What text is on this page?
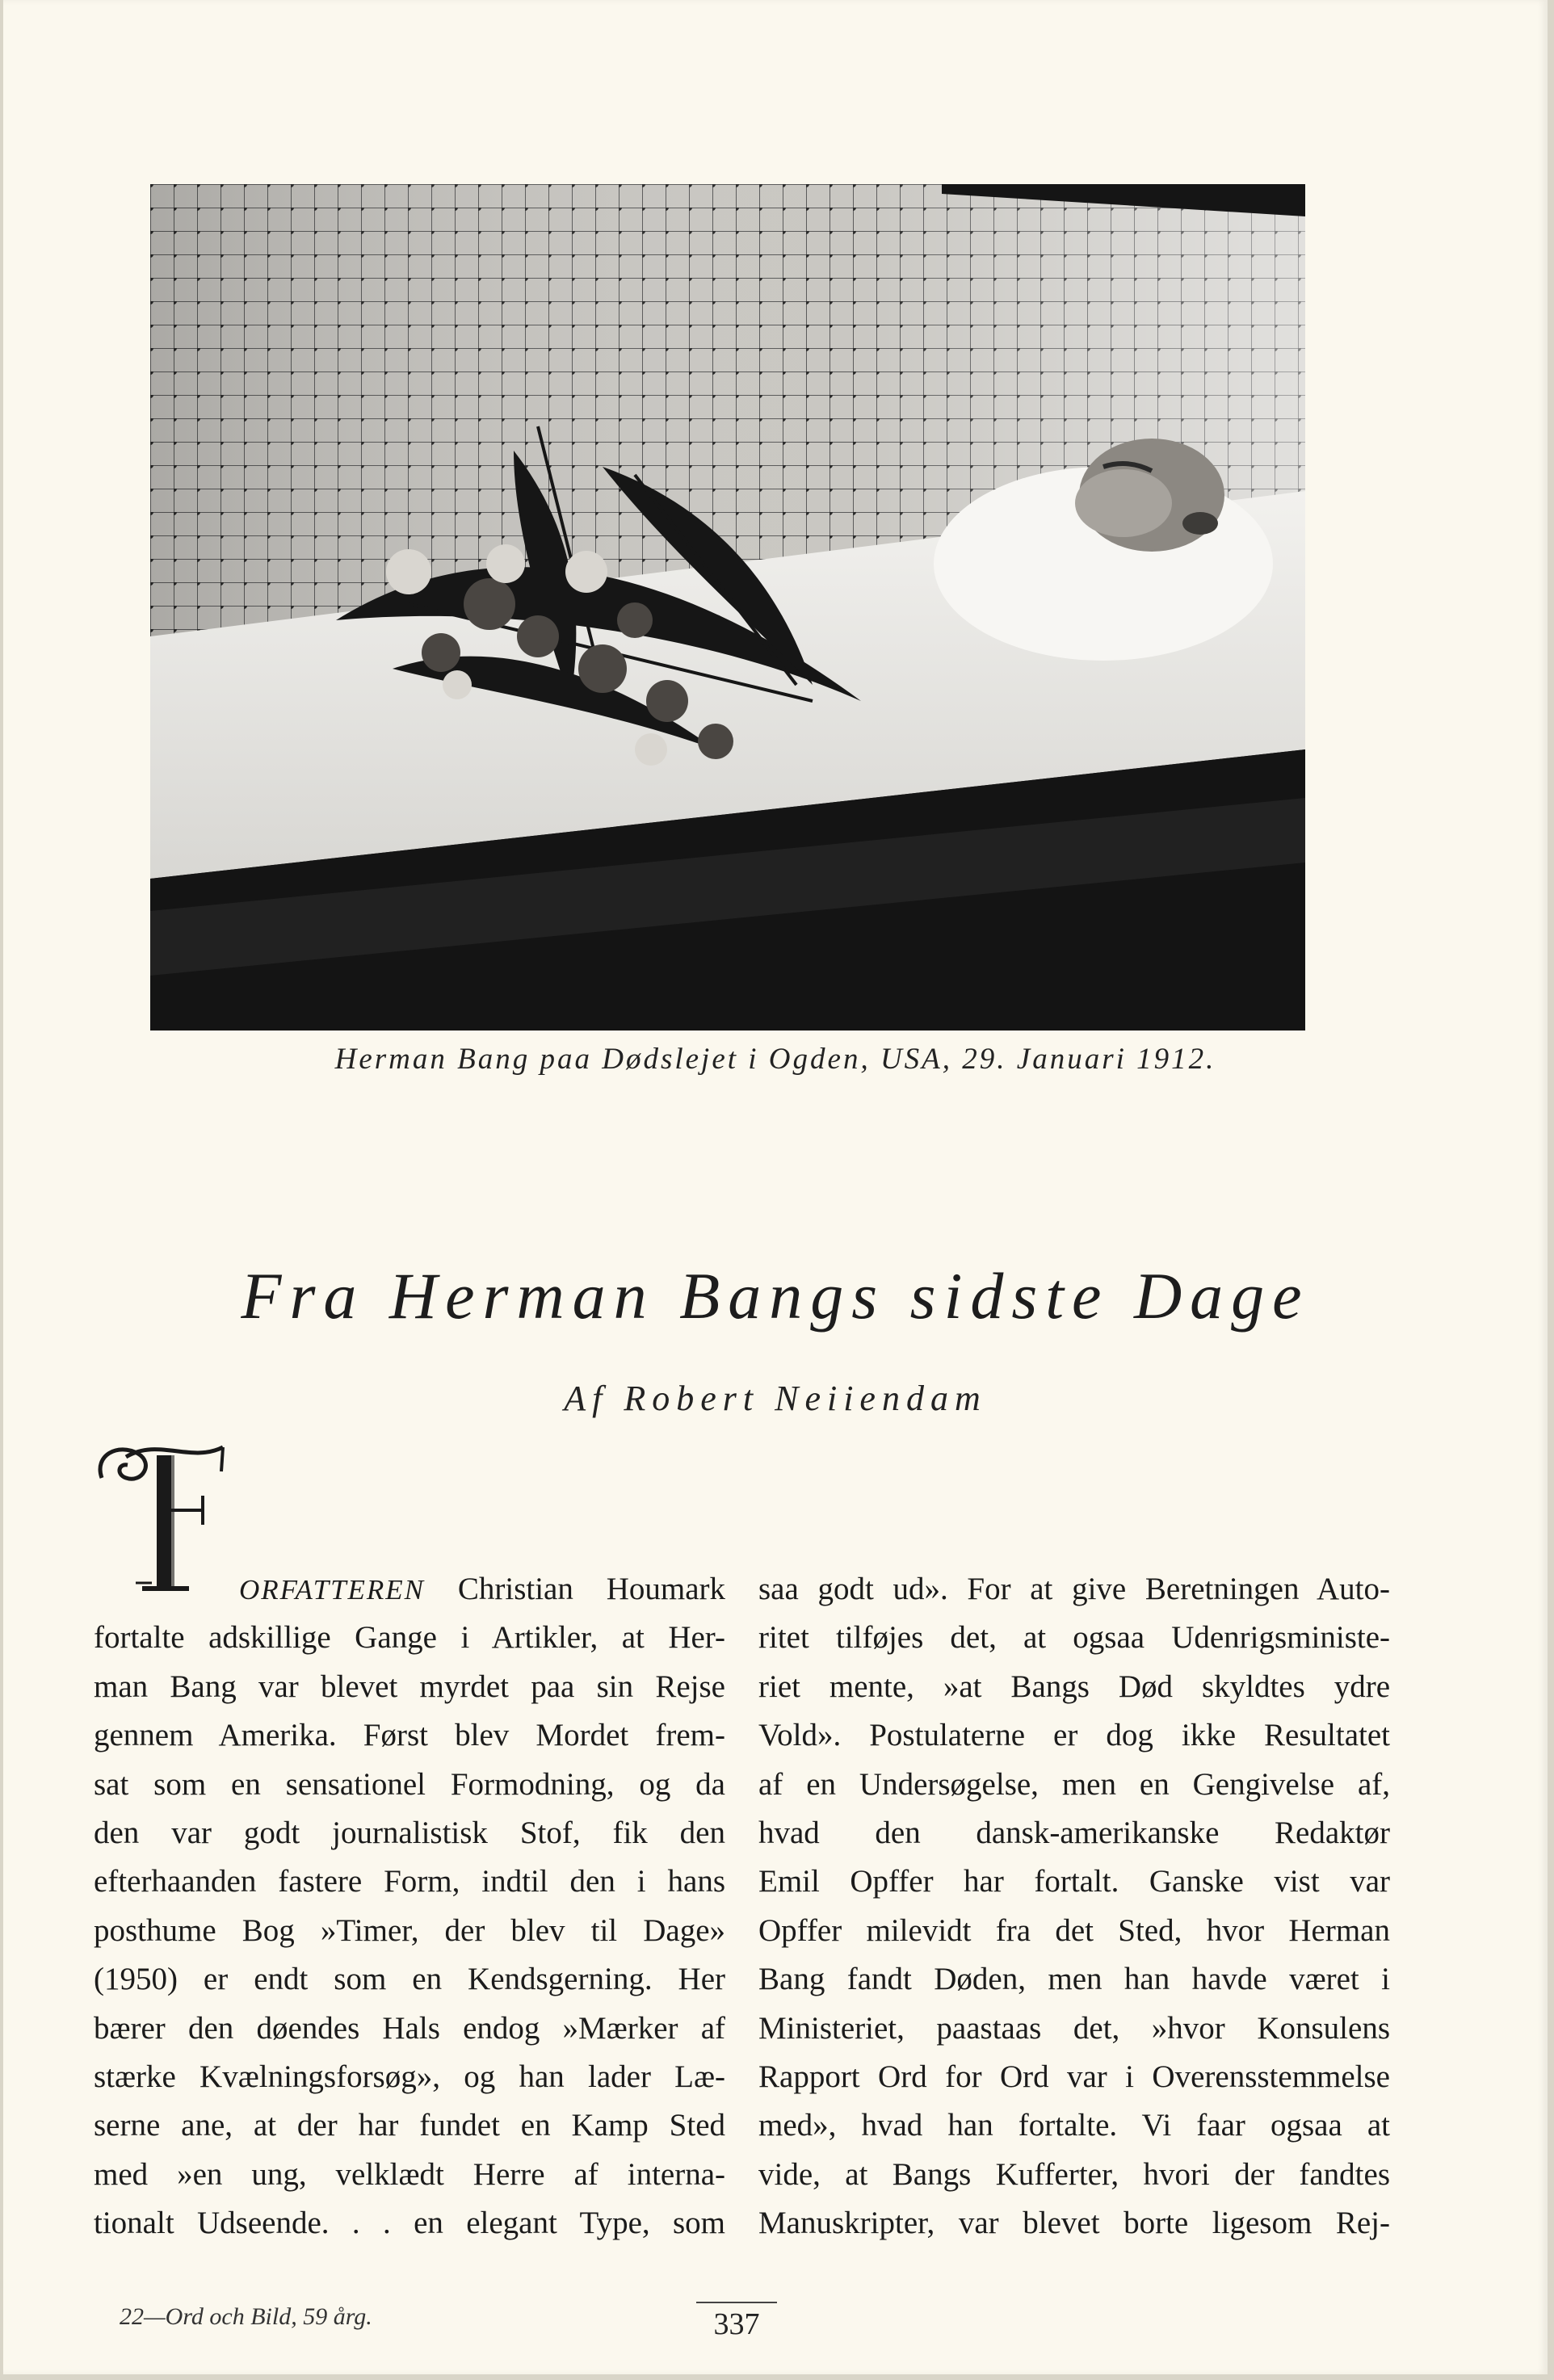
Herman Bang paa Dødslejet i Ogden, USA, 29. Januari 1912.
Fra Herman Bangs sidste Dage
Af Robert Neiiendam
ORFATTEREN Christian Houmark
fortalte adskillige Gange i Artikler, at Her-
man Bang var blevet myrdet paa sin Rejse
gennem Amerika. Først blev Mordet frem-
sat som en sensationel Formodning, og da
den var godt journalistisk Stof, fik den
efterhaanden fastere Form, indtil den i hans
posthume Bog »Timer, der blev til Dage»
(1950) er endt som en Kendsgerning. Her
bærer den døendes Hals endog »Mærker af
stærke Kvælningsforsøg», og han lader Læ-
serne ane, at der har fundet en Kamp Sted
med »en ung, velklædt Herre af interna-
tionalt Udseende. . . en elegant Type, som
saa godt ud». For at give Beretningen Auto-
ritet tilføjes det, at ogsaa Udenrigsministe-
riet mente, »at Bangs Død skyldtes ydre
Vold». Postulaterne er dog ikke Resultatet
af en Undersøgelse, men en Gengivelse af,
hvad den dansk-amerikanske Redaktør
Emil Opffer har fortalt. Ganske vist var
Opffer milevidt fra det Sted, hvor Herman
Bang fandt Døden, men han havde været i
Ministeriet, paastaas det, »hvor Konsulens
Rapport Ord for Ord var i Overensstemmelse
med», hvad han fortalte. Vi faar ogsaa at
vide, at Bangs Kufferter, hvori der fandtes
Manuskripter, var blevet borte ligesom Rej-
22—Ord och Bild, 59 årg.	337
